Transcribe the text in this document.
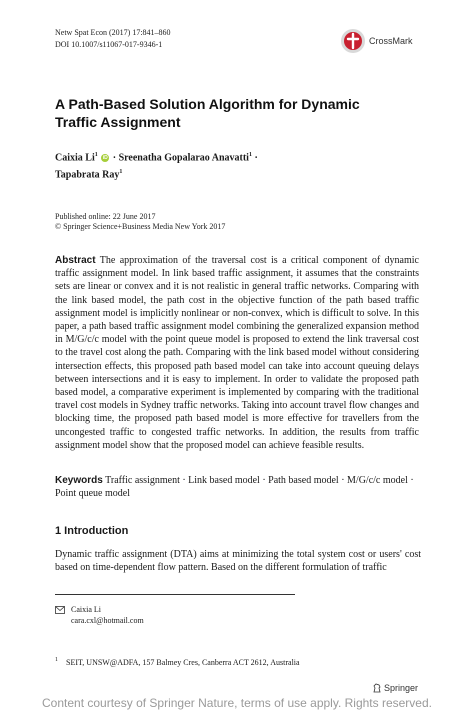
Netw Spat Econ (2017) 17:841–860
DOI 10.1007/s11067-017-9346-1	CrossMark
A Path-Based Solution Algorithm for Dynamic Traffic Assignment
Caixia Li$^1$ iD · Sreenatha Gopalarao Anavatti$^1$ ·
Tapabrata Ray$^1$
Published online: 22 June 2017
© Springer Science+Business Media New York 2017
Abstract The approximation of the traversal cost is a critical component of dynamic traffic assignment model. In link based traffic assignment, it assumes that the constraints sets are linear or convex and it is not realistic in general traffic networks. Comparing with the link based model, the path cost in the objective function of the path based traffic assignment model is implicitly nonlinear or non-convex, which is difficult to solve. In this paper, a path based traffic assignment model combining the generalized expansion method in M/G/c/c model with the point queue model is proposed to extend the link traversal cost to the travel cost along the path. Comparing with the link based model without considering intersection effects, this proposed path based model can take into account queuing delays between intersections and it is easy to implement. In order to validate the proposed path based model, a comparative experiment is implemented by comparing with the traditional travel cost models in Sydney traffic networks. Taking into account travel flow changes and blocking time, the proposed path based model is more effective for travellers from the uncongested traffic to congested traffic networks. In addition, the results from traffic assignment model show that the proposed model can achieve feasible results.
Keywords Traffic assignment · Link based model · Path based model · M/G/c/c model · Point queue model
1 Introduction
Dynamic traffic assignment (DTA) aims at minimizing the total system cost or users' cost based on time-dependent flow pattern. Based on the different formulation of traffic
Caixia Li
cara.cxl@hotmail.com
$^1$ SEIT, UNSW@ADFA, 157 Balmey Cres, Canberra ACT 2612, Australia
Springer
Content courtesy of Springer Nature, terms of use apply. Rights reserved.
